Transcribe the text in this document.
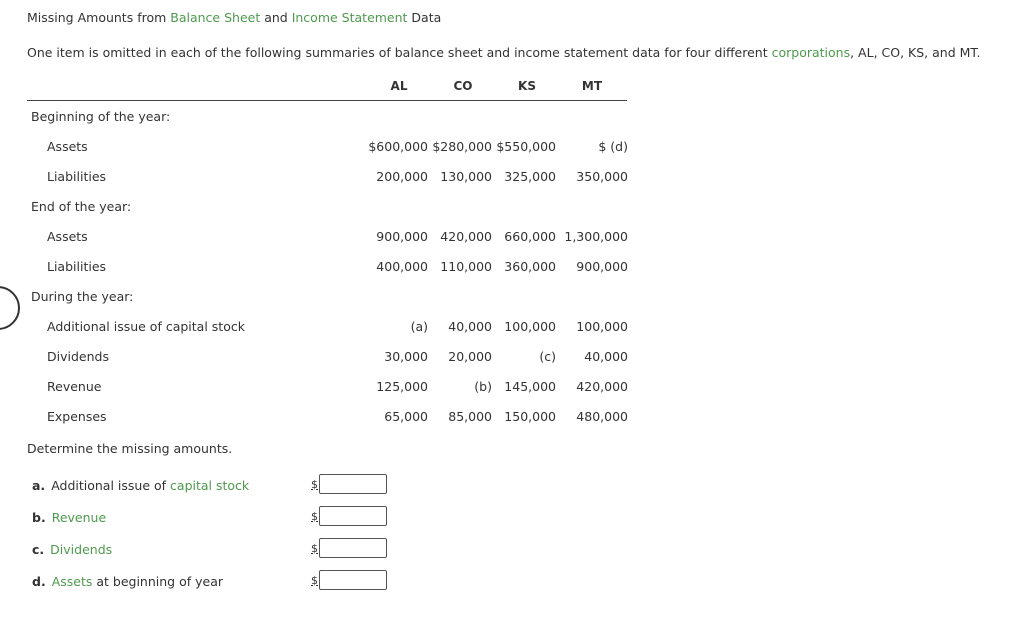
Missing Amounts from Balance Sheet and Income Statement Data
One item is omitted in each of the following summaries of balance sheet and income statement data for four different corporations, AL, CO, KS, and MT.
AL	CO	KS	MT
Beginning of the year:
End of the year:
During the year:
Assets	$600,000 $280,000 $550,000	$ (d)
Liabilities	200,000 130,000 325,000	350,000
Assets	900,000 420,000 660,000 1,300,000
Liabilities	400,000 110,000 360,000	900,000
Additional issue of capital stock	(a)	40,000 100,000	100,000
Dividends	30,000	20,000	(c)	40,000
Revenue	125,000	(b) 145,000	420,000
Expenses	65,000	85,000 150,000	480,000
Determine the missing amounts.
a. Additional issue of capital stock	$
b. Revenue	$
c. Dividends	$
d. Assets at beginning of year	$
